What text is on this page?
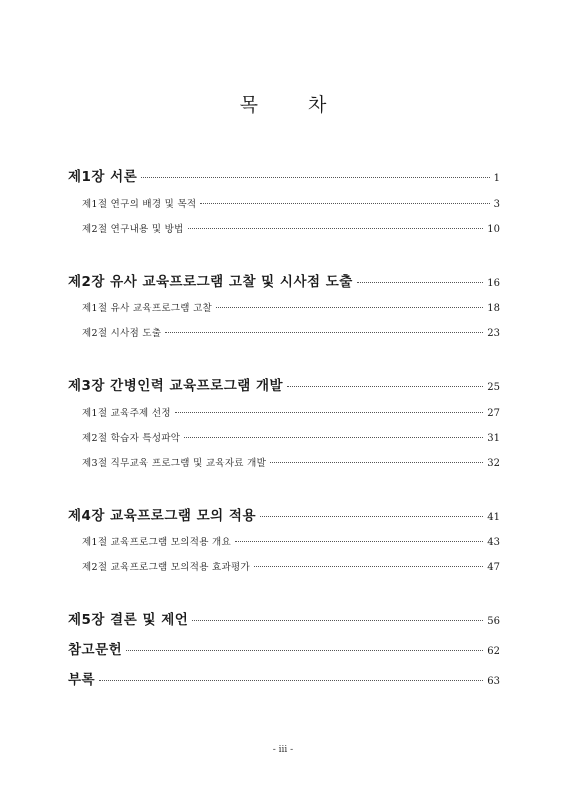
목 차
제1장 서론	1
제1절 연구의 배경 및 목적	3
제2절 연구내용 및 방법	10
제2장 유사 교육프로그램 고찰 및 시사점 도출	16
제1절 유사 교육프로그램 고찰	18
제2절 시사점 도출	23
제3장 간병인력 교육프로그램 개발	25
제1절 교육주제 선정	27
제2절 학습자 특성파악	31
제3절 직무교육 프로그램 및 교육자료 개발	32
제4장 교육프로그램 모의 적용	41
제1절 교육프로그램 모의적용 개요	43
제2절 교육프로그램 모의적용 효과평가	47
제5장 결론 및 제언	56
참고문헌	62
부록	63
- iii -
